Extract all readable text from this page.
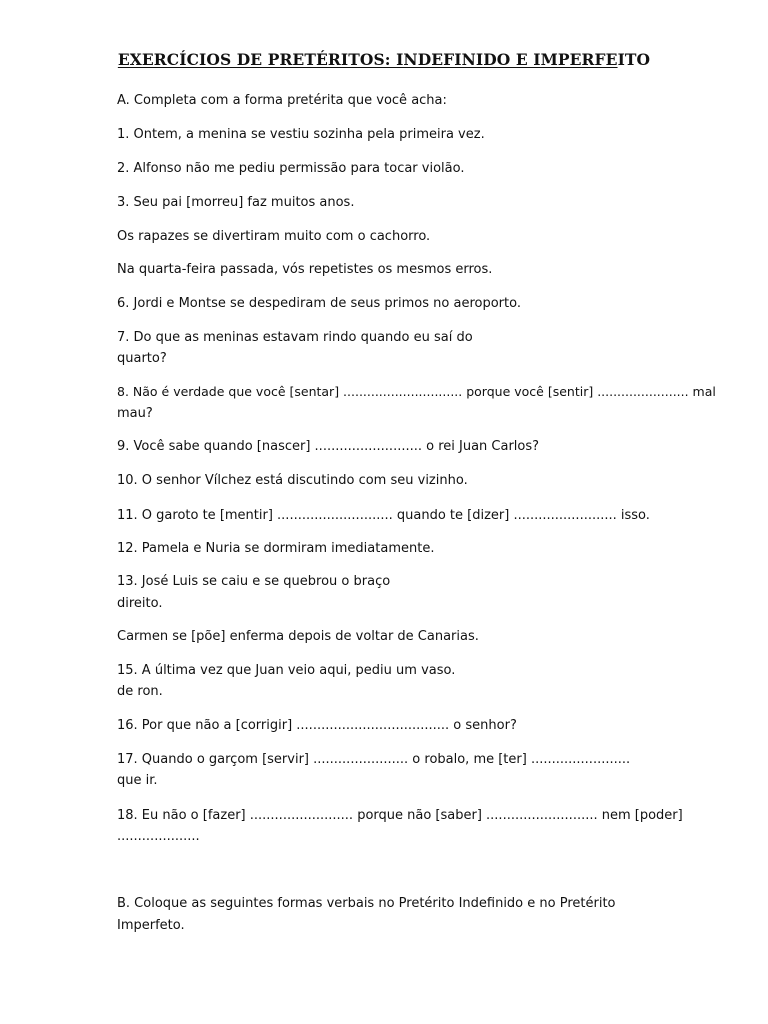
EXERCÍCIOS DE PRETÉRITOS: INDEFINIDO E IMPERFEITO

A. Completa com a forma pretérita que você acha:

1. Ontem, a menina se vestiu sozinha pela primeira vez.

2. Alfonso não me pediu permissão para tocar violão.

3. Seu pai [morreu] faz muitos anos.

Os rapazes se divertiram muito com o cachorro.

Na quarta-feira passada, vós repetistes os mesmos erros.

6. Jordi e Montse se despediram de seus primos no aeroporto.

7. Do que as meninas estavam rindo quando eu saí do

quarto?

8. Não é verdade que você [sentar] .............................. porque você [sentir] ....................... mal

mau?

9. Você sabe quando [nascer] .......................... o rei Juan Carlos?

10. O senhor Vílchez está discutindo com seu vizinho.

11. O garoto te [mentir] ............................ quando te [dizer] ......................... isso.

12. Pamela e Nuria se dormiram imediatamente.

13. José Luis se caiu e se quebrou o braço

direito.

Carmen se [põe] enferma depois de voltar de Canarias.

15. A última vez que Juan veio aqui, pediu um vaso.

de ron.

16. Por que não a [corrigir] ..................................... o senhor?

17. Quando o garçom [servir] ....................... o robalo, me [ter] ........................

que ir.

18. Eu não o [fazer] ......................... porque não [saber] ........................... nem [poder]

....................

B. Coloque as seguintes formas verbais no Pretérito Indefinido e no Pretérito

Imperfeto.
